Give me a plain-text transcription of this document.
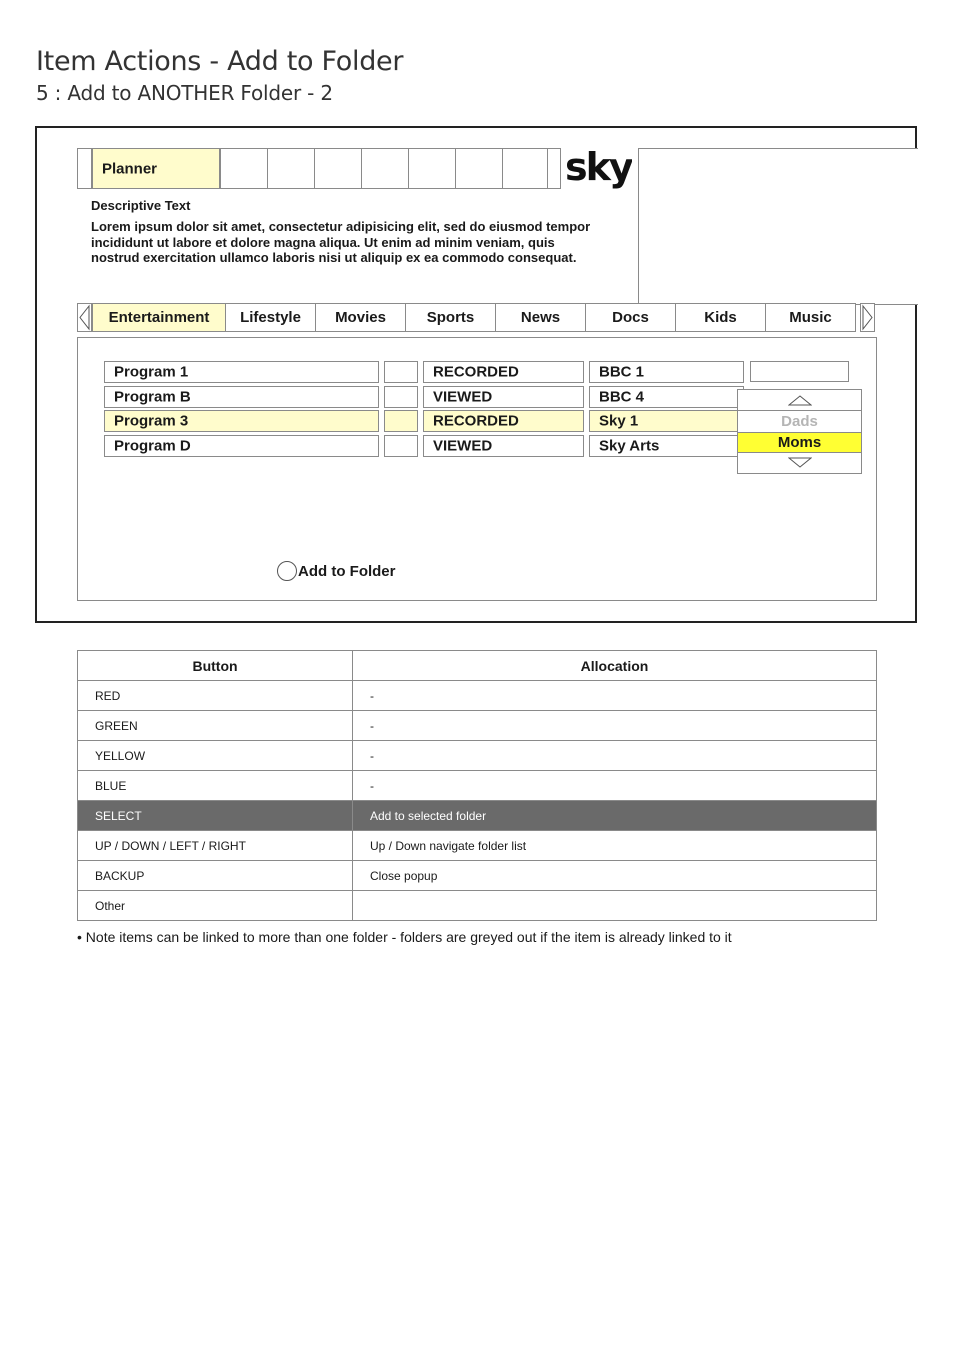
Item Actions - Add to Folder
5 : Add to ANOTHER Folder - 2
Planner	sky
Descriptive Text
Lorem ipsum dolor sit amet, consectetur adipisicing elit, sed do eiusmod tempor
incididunt ut labore et dolore magna aliqua. Ut enim ad minim veniam, quis
nostrud exercitation ullamco laboris nisi ut aliquip ex ea commodo consequat.
Entertainment	Lifestyle	Movies	Sports	News	Docs	Kids	Music
Program 1	RECORDED	BBC 1
Program B	VIEWED	BBC 4
Program 3	RECORDED	Sky 1
Program D	VIEWED	Sky Arts
Dads
Moms
Add to Folder
Button	Allocation
RED	-
GREEN	-
YELLOW	-
BLUE	-
SELECT	Add to selected folder
UP / DOWN / LEFT / RIGHT	Up / Down navigate folder list
BACKUP	Close popup
Other	
• Note items can be linked to more than one folder - folders are greyed out if the item is already linked to it
